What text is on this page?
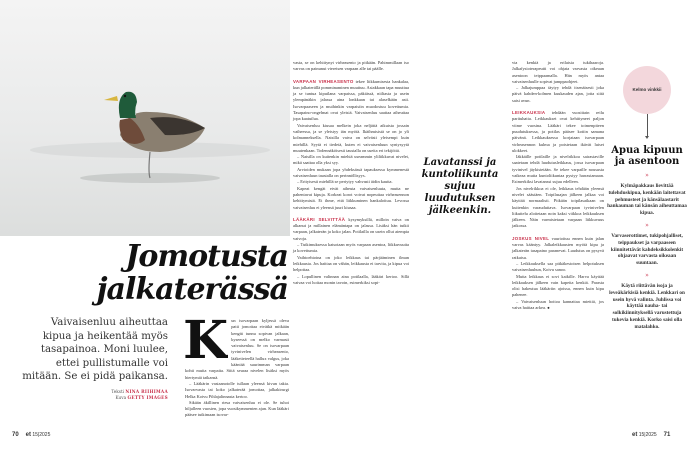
Jomotusta
jalkaterässä
Vaivaisenluu aiheuttaa kipua ja heikentää myös tasapainoa. Moni luulee, ettei pullistumalle voi mitään. Se ei pidä paikansa.
Teksti NINA RIIHIMAA
Kuva GETTY IMAGES
K un isovarpaan kyljessä oleva patti jomottaa eivätkä mitkään kengät tunnu sopivan jalkaan, kyseessä on melko varmasti vaivaisenluu. Se on isovarpaan tyvinivelen virheasento, lääketieteellä hallux valgus, joka kääntää suurimman varpaan kohti muita varpaita. Siitä seuraa nivelen lisäksi myös hiertymiä taikansä.

– Lääkärin vastaanotolle tullaan yleensä kivun takia. Isovarvasta tai koko jalkaterää jomottaa, jalkakirurgi Helka Koivu Pihlajalinnasta kertoo.

Sikään äkillinen riesa vaivaisenluu ei ole. Se tuhoi hiljalleen vuosien, jopa vuosikymmenten ajan. Kun lääkäri pääsee tutkimaan isovar-

vasta, se on kehittynyt virheasento ja pitkään. Pahimmillaan iso varvas on painunut viereisen varpaan alle tai päälle.

VARPAAN VIRHEASENTO tekee liikkumisesta hankalaa, kun jalkaterällä pomminaminen muuttuu. Asiakkaan tapa muuttua ja se tuntua kipuilana varpaissa, päkiässä, niiltasta ja usein ylempänäkin jalassa aina lonkkaan tai alaselkään asti. Isovarpaaseen ja muihinkin varpaisiin muodostuu kovettumia. Tasapaino-ongelmat ovat yleisiä. Vaivaisenluu saattaa aiheuttaa jopa kaatuilua.

Vaivaisenluu kiusaa melkein joka neljättä aikuista jossain vaiheessa, ja se yleistyy iän myötä. Ikäihmisistä se on jo yli kolmanneksella. Naisilla vaiva on selvästi yleisempi kuin miehillä. Syytä ei tiedetä, kuten ei vaivaisenluun syntysyytä muutenkaan. Todennäköisesti taustalla on useita eri tekijöitä.

– Naisilla on kuitenkin miehiä useammin yliliikkuvat nivelet, mikä saattaa olla yksi syy.

Arvioiden mukaan jopa yhdeksässä tapauksessa kymmenestä vaivaisenluun taustalla on perinnöllisyys.

– Erityisesti miehillä se periytyy vahvasti äidin kautta.

Kapeat kengät eivät aiheuta vaivaisenluuta, mutta ne pahentavat kipuja. Korkeat korot voivat nopeuttaa virheasennon kehittymistä. Ei ihme, että liikkuminen hankaloituu. Levossa vaivaisenluu ei yleensä juuri kiusaa.

LÄÄKÄRI SELVITTÄÄ kysymyksillä, milloin vaiva on alkanut ja millainen elämäntapa on jalassa. Lisäksi hän tutkii varpaan, jalkaterän ja koko jalan. Potilailla on usein ollut aiempia vaivoja.

– Tutkimuksessa katsotaan myös varpaan asentoa, liikkuvuutta ja kovettumia.

Vaihtoehtoina on joko leikkaus tai pärjääminen ilman leikkausta. Jos haittaa on vähän, leikkausta ei tarvita, ja kipua voi helpottaa.

– Lopullinen valinnan aina potilaalla, lääkäri kertoo. Sillä vaivaa voi hoitaa monin tavoin, esimerkiksi sopi-

Lavatanssi ja kuntoliikunta sujuu luudutuksen jälkeenkin.

via kenkiä ja erilaisia tukihaaroja. Jalkafysioterapeutti voi ohjata varvasta oikeaan asentoon teippaamalla. Hän myös antaa vaivaisenluulle sopivat jumppaohjeet.

– Jalkajumppaa täytyy tehdä itsenäisesti joka päivä kahden-kolmen kuukauden ajan, jotta siitä saisi avun.

LEIKKAUKSIA tehdään vuosittain reilu parituhatta. Leikkaukset ovat kehittyneet paljon viime vuosina. Lääkäri tekee toimenpiteen puudutuksessa, ja potilas pääsee kotiin samana päivänä. Leikkauksessa korjataan isovarpaan virheasennon kulma ja poistetaan ikävät luiset ulokkeet.

Iäkkäille potilaille ja nivelrikkoa sairastaville saatetaan tehdä luudutusleikkaus, jossa isovarpaan tyvinivel jäykistetään. Se tekee varpaille noususta vaikeaa mutta kuntoliikuntaa pystyy harrastamaan. Esimerkiksi lavatanssi sujuu edelleen.

Jos nivelrikkoa ei ole, leikkaus tehdään yleensä nivelet säästäen. Toipilasajan jälkeen jalkaa voi käyttää normaalisti. Pitkään toipilasaikaan on kuitenkin varauduttava. Isovarpaan tyvinivelen liikuttelu aloitetaan noin kaksi viikkoa leikkauksen jälkeen. Näin varmistetaan varpaan liikkuvuus jatkossa.

JOSKUS NIVEL vaurioituu ennen kuin jalan varvas kääntyy. Jalkaleikkausten myötä kipu ja jalkaterän tasapaino paranevat. Luudutus on pysyvä ratkaisu.

– Leikkauksella saa pitkäkestoisen helpotuksen vaivaisenluuhun, Koivu sanoo.

Mutta leikkaus ei sovi kaikille. Harva käyttää leikkauksen jälkeen vain kapeita kenkiä. Parasta olisi hakeutua lääkäriin ajoissa, ennen kuin kipu pahenee.

– Vaivaisenluun hoitoa kannattaa miettiä, jos vaiva haittaa arkea. ●

Kelmo vinkkii
Apua kipuun ja asentoon
»
Kylmäpakkaus lievittää tulehduskipua, kenkään laitettavat pehmusteet ja känsälaastarit hankauman tai känsän aiheuttamaa kipua.
»
Varvaserottimet, tukipohjalliset, teippaukset ja varpaaseen kiinnitettävät kahdeksikkolenkit ohjaavat varvasta oikeaan suuntaan.
»
Käytä riittävän isoja ja leveäkärkisiä kenkiä. Lenkkari on usein hyvä valinta. Juhlissa voi käyttää nauha- tai solkikiinnityksellä varustettuja tukevia kenkiä. Korko saisi olla matalahko.
70 et 15|2025	et 15|2025 71
